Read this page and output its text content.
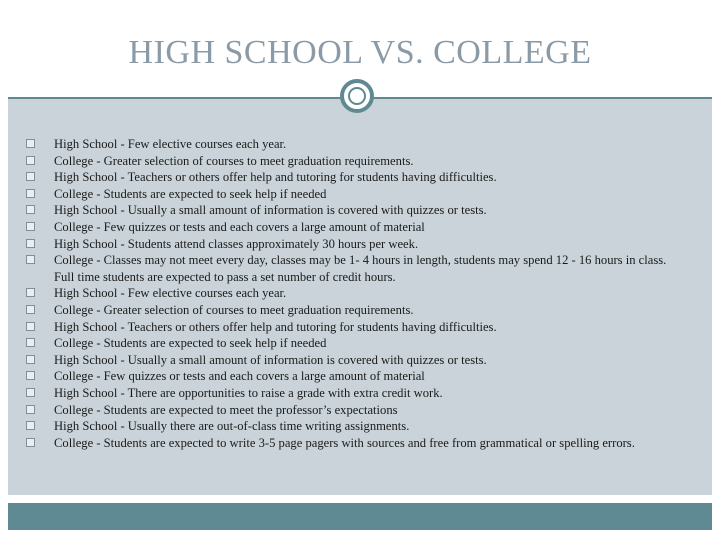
HIGH SCHOOL VS. COLLEGE
High School - Few elective courses each year.
College - Greater selection of courses to meet graduation requirements.
High School - Teachers or others offer help and tutoring for students having difficulties.
College - Students are expected to seek help if needed
High School - Usually a small amount of information is covered with quizzes or tests.
College - Few quizzes or tests and each covers a large amount of material
High School - Students attend classes approximately 30 hours per week.
College - Classes may not meet every day, classes may be 1- 4 hours in length, students may spend 12 - 16 hours in class. Full time students are expected to pass a set number of credit hours.
High School - Few elective courses each year.
College - Greater selection of courses to meet graduation requirements.
High School - Teachers or others offer help and tutoring for students having difficulties.
College - Students are expected to seek help if needed
High School - Usually a small amount of information is covered with quizzes or tests.
College - Few quizzes or tests and each covers a large amount of material
High School - There are opportunities to raise a grade with extra credit work.
College - Students are expected to meet the professor’s expectations
High School - Usually there are out-of-class time writing assignments.
College - Students are expected to write 3-5 page pagers with sources and free from grammatical or spelling errors.
